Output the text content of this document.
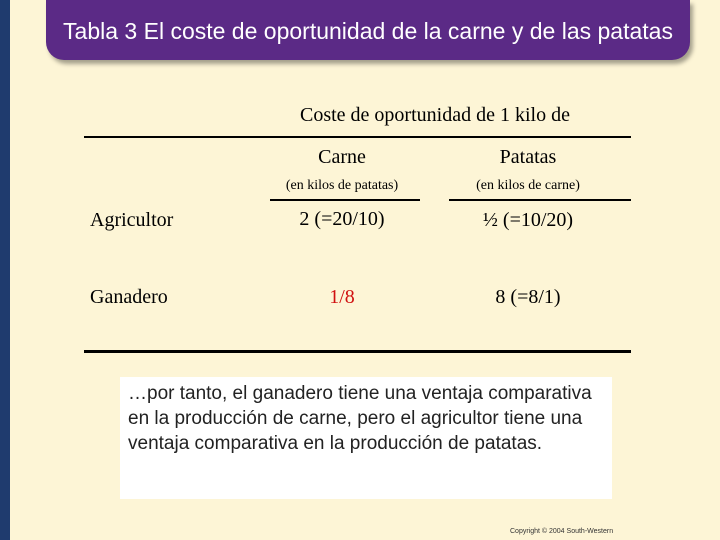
Tabla 3 El coste de oportunidad de la carne y de las patatas
Coste de oportunidad de 1 kilo de
Carne	Patatas
(en kilos de patatas)	(en kilos de carne)
Agricultor	2 (=20/10)	½ (=10/20)
Ganadero	1/8	8 (=8/1)
…por tanto, el ganadero tiene una ventaja comparativa en la producción de carne, pero el agricultor tiene una ventaja comparativa en la producción de patatas.
Copyright © 2004 South-Western
